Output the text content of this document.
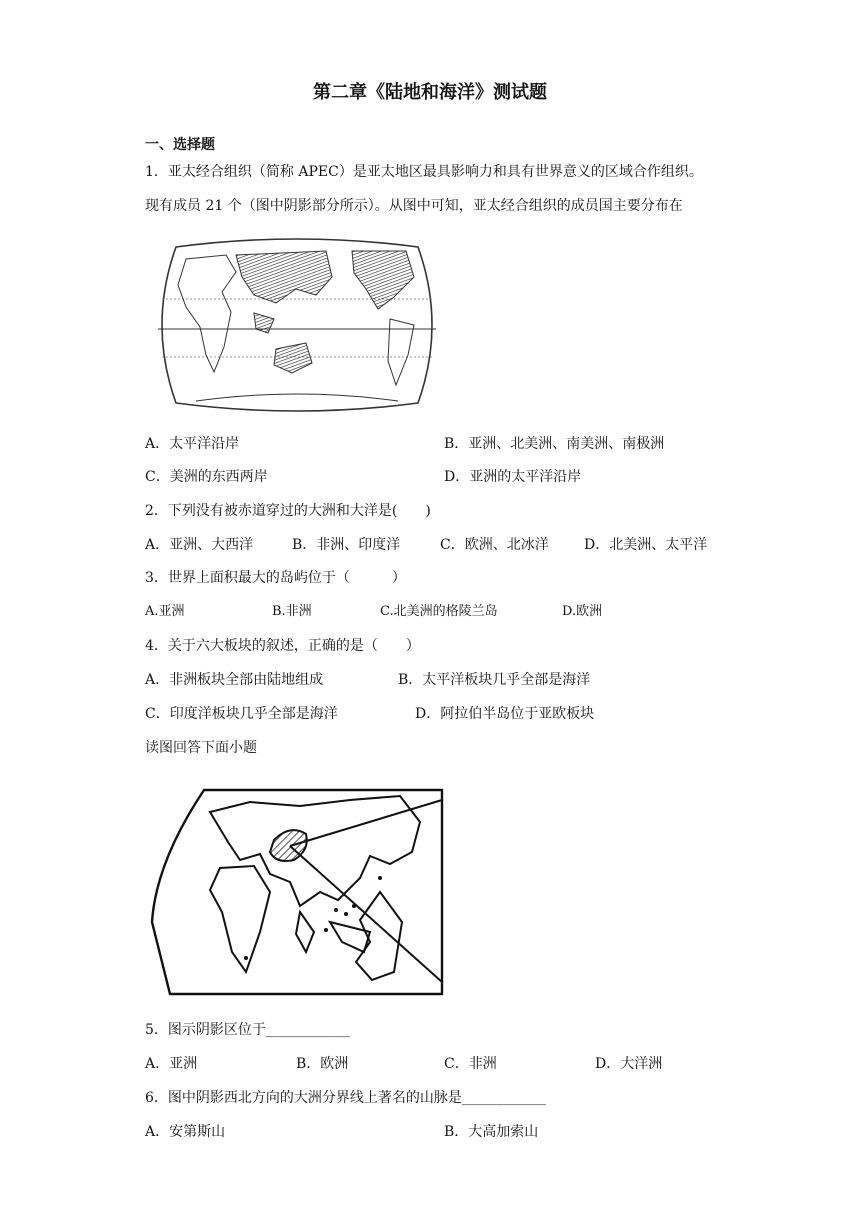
第二章《陆地和海洋》测试题
一、选择题
1．亚太经合组织（简称 APEC）是亚太地区最具影响力和具有世界意义的区域合作组织。
现有成员 21 个（图中阴影部分所示）。从图中可知，亚太经合组织的成员国主要分布在
A．太平洋沿岸	B．亚洲、北美洲、南美洲、南极洲
C．美洲的东西两岸	D．亚洲的太平洋沿岸
2．下列没有被赤道穿过的大洲和大洋是(　　)
A．亚洲、大西洋	B．非洲、印度洋	C．欧洲、北冰洋	D．北美洲、太平洋
3．世界上面积最大的岛屿位于（　　　）
A.亚洲	B.非洲	C.北美洲的格陵兰岛	D.欧洲
4．关于六大板块的叙述，正确的是（　　）
A．非洲板块全部由陆地组成	B．太平洋板块几乎全部是海洋
C．印度洋板块几乎全部是海洋	D．阿拉伯半岛位于亚欧板块
读图回答下面小题
5．图示阴影区位于____________
A．亚洲	B．欧洲	C．非洲	D．大洋洲
6．图中阴影西北方向的大洲分界线上著名的山脉是____________
A．安第斯山	B．大高加索山
